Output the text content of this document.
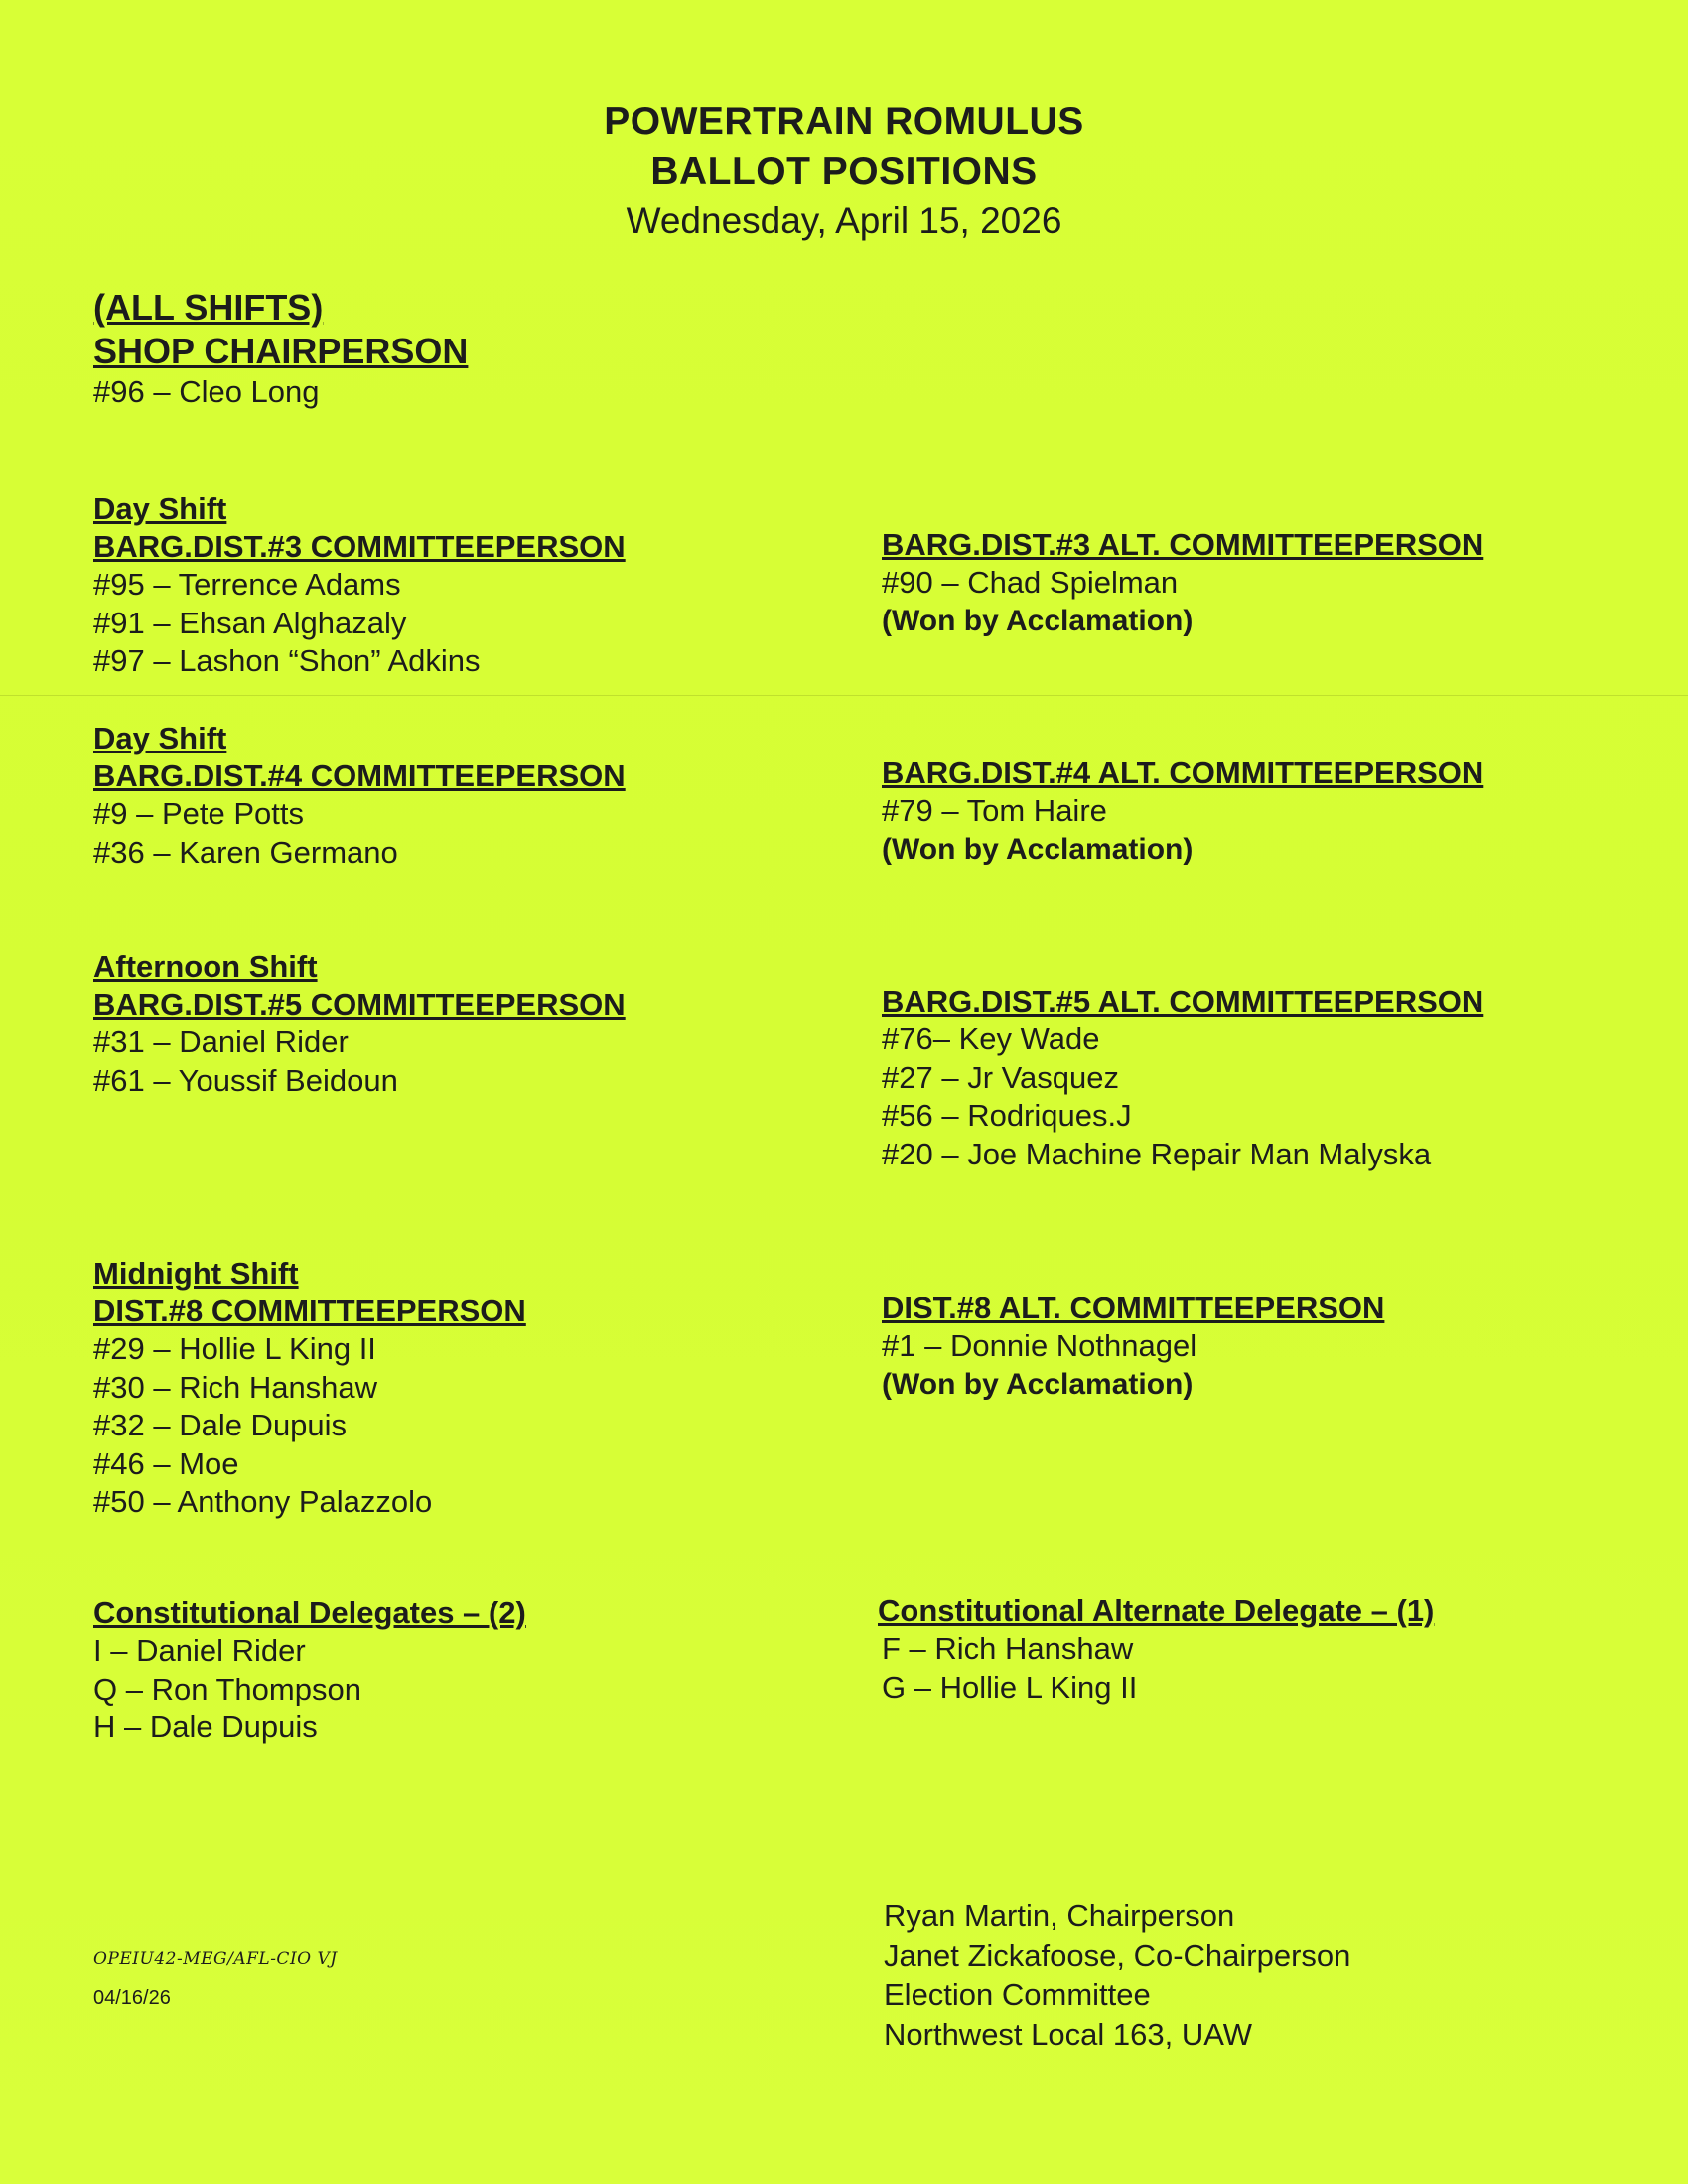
POWERTRAIN ROMULUS
BALLOT POSITIONS
Wednesday, April 15, 2026
(ALL SHIFTS)
SHOP CHAIRPERSON
#96 – Cleo Long
Day Shift
BARG.DIST.#3 COMMITTEEPERSON
#95 – Terrence Adams
#91 – Ehsan Alghazaly
#97 – Lashon “Shon” Adkins
BARG.DIST.#3 ALT. COMMITTEEPERSON
#90 – Chad Spielman
(Won by Acclamation)
Day Shift
BARG.DIST.#4 COMMITTEEPERSON
#9 – Pete Potts
#36 – Karen Germano
BARG.DIST.#4 ALT. COMMITTEEPERSON
#79 – Tom Haire
(Won by Acclamation)
Afternoon Shift
BARG.DIST.#5 COMMITTEEPERSON
#31 – Daniel Rider
#61 – Youssif Beidoun
BARG.DIST.#5 ALT. COMMITTEEPERSON
#76– Key Wade
#27 – Jr Vasquez
#56 – Rodriques.J
#20 – Joe Machine Repair Man Malyska
Midnight Shift
DIST.#8 COMMITTEEPERSON
#29 – Hollie L King II
#30 – Rich Hanshaw
#32 – Dale Dupuis
#46 – Moe
#50 – Anthony Palazzolo
DIST.#8 ALT. COMMITTEEPERSON
#1 – Donnie Nothnagel
(Won by Acclamation)
Constitutional Delegates – (2)
I – Daniel Rider
Q – Ron Thompson
H – Dale Dupuis
Constitutional Alternate Delegate – (1)
F – Rich Hanshaw
G – Hollie L King II
Ryan Martin, Chairperson
Janet Zickafoose, Co-Chairperson
Election Committee
Northwest Local 163, UAW
OPEIU42-MEG/AFL-CIO VJ
04/16/26
